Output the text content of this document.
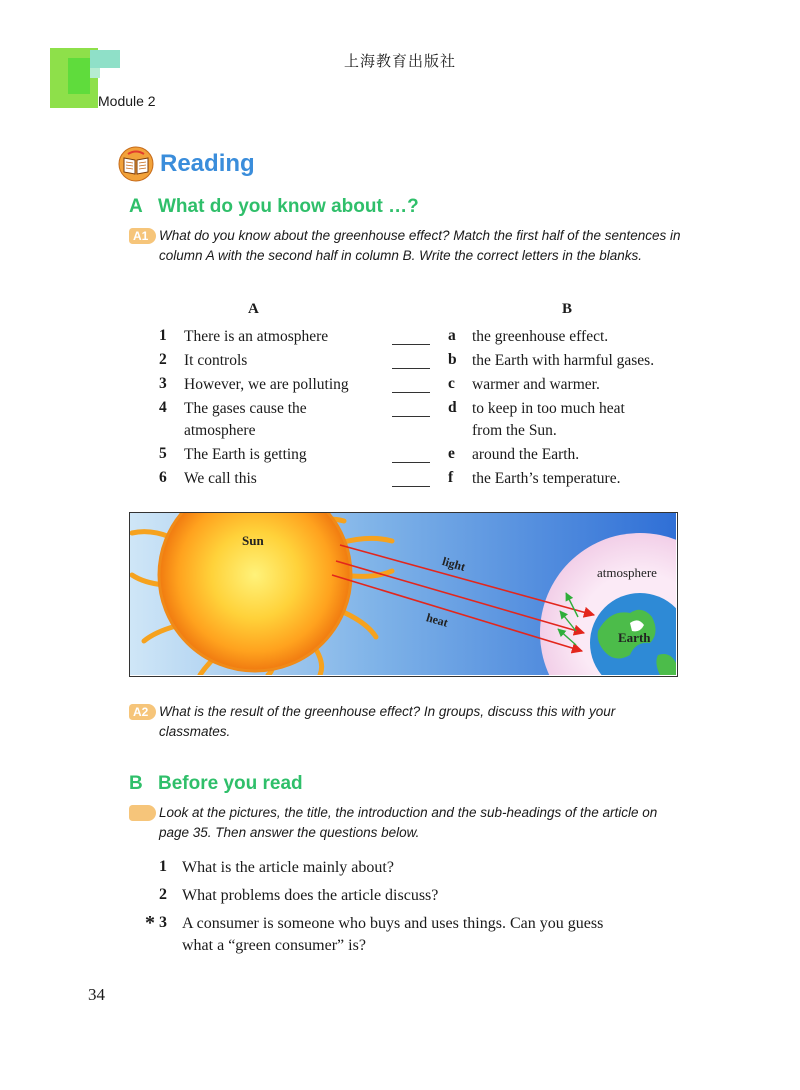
上海教育出版社
Module 2
Reading
A What do you know about …?
A1 What do you know about the greenhouse effect? Match the first half of the sentences in column A with the second half in column B. Write the correct letters in the blanks.
A	B
1 There is an atmosphere	a the greenhouse effect.
2 It controls	b the Earth with harmful gases.
3 However, we are polluting	c warmer and warmer.
4 The gases cause the
atmosphere
d to keep in too much heat
from the Sun.
5 The Earth is getting	e around the Earth.
6 We call this	f the Earth’s temperature.
Sun
light
heat
atmosphere
Earth
A2 What is the result of the greenhouse effect? In groups, discuss this with your classmates.
B Before you read
Look at the pictures, the title, the introduction and the sub-headings of the article on page 35. Then answer the questions below.
1 What is the article mainly about?
2 What problems does the article discuss?
* 3 A consumer is someone who buys and uses things. Can you guess
what a “green consumer” is?
34
